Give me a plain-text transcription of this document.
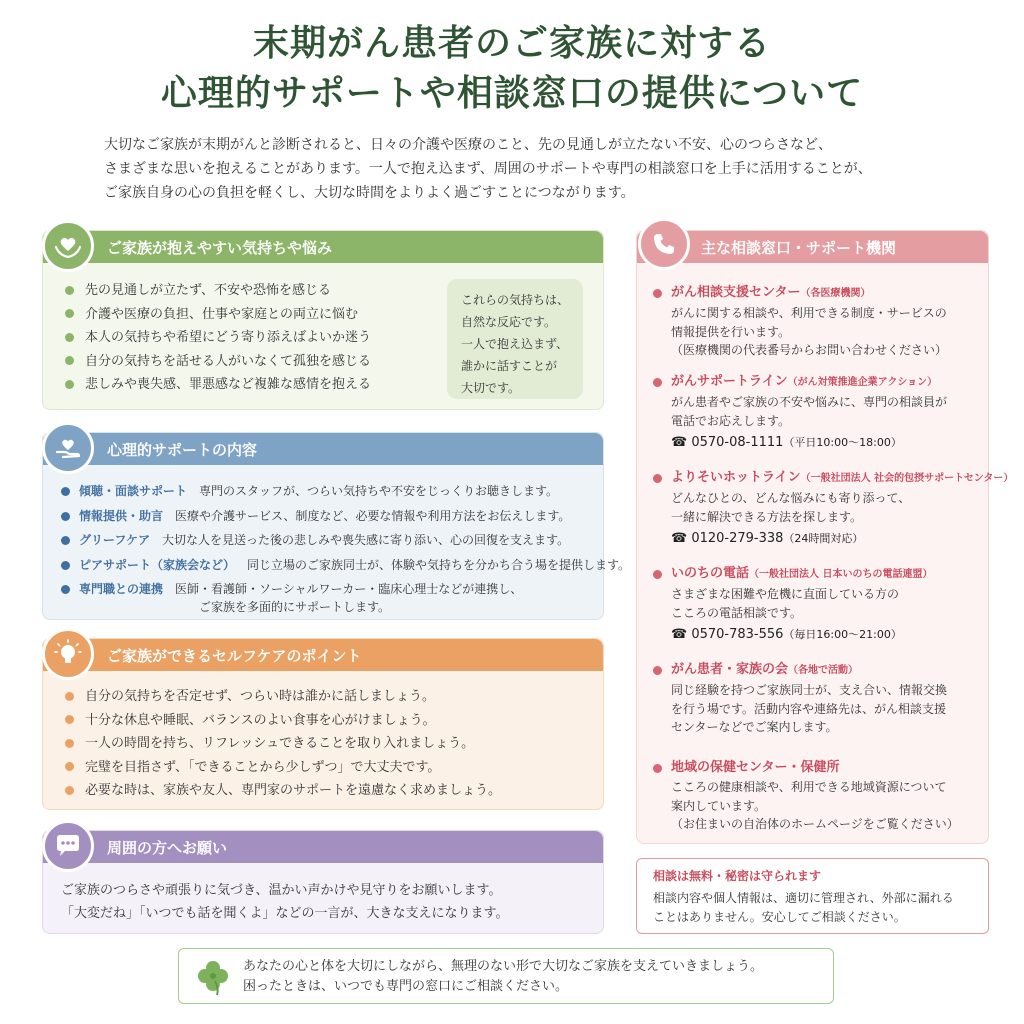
末期がん患者のご家族に対する
心理的サポートや相談窓口の提供について
大切なご家族が末期がんと診断されると、日々の介護や医療のこと、先の見通しが立たない不安、心のつらさなど、
さまざまな思いを抱えることがあります。一人で抱え込まず、周囲のサポートや専門の相談窓口を上手に活用することが、
ご家族自身の心の負担を軽くし、大切な時間をよりよく過ごすことにつながります。
ご家族が抱えやすい気持ちや悩み
先の見通しが立たず、不安や恐怖を感じる
介護や医療の負担、仕事や家庭との両立に悩む
本人の気持ちや希望にどう寄り添えばよいか迷う
自分の気持ちを話せる人がいなくて孤独を感じる
悲しみや喪失感、罪悪感など複雑な感情を抱える
これらの気持ちは、
自然な反応です。
一人で抱え込まず、
誰かに話すことが
大切です。
心理的サポートの内容
傾聴・面談サポート 専門のスタッフが、つらい気持ちや不安をじっくりお聴きします。
情報提供・助言 医療や介護サービス、制度など、必要な情報や利用方法をお伝えします。
グリーフケア 大切な人を見送った後の悲しみや喪失感に寄り添い、心の回復を支えます。
ピアサポート（家族会など） 同じ立場のご家族同士が、体験や気持ちを分かち合う場を提供します。
専門職との連携 医師・看護師・ソーシャルワーカー・臨床心理士などが連携し、
ご家族を多面的にサポートします。
ご家族ができるセルフケアのポイント
自分の気持ちを否定せず、つらい時は誰かに話しましょう。
十分な休息や睡眠、バランスのよい食事を心がけましょう。
一人の時間を持ち、リフレッシュできることを取り入れましょう。
完璧を目指さず、「できることから少しずつ」で大丈夫です。
必要な時は、家族や友人、専門家のサポートを遠慮なく求めましょう。
周囲の方へお願い
ご家族のつらさや頑張りに気づき、温かい声かけや見守りをお願いします。
「大変だね」「いつでも話を聞くよ」などの一言が、大きな支えになります。
主な相談窓口・サポート機関
がん相談支援センター（各医療機関）
がんに関する相談や、利用できる制度・サービスの
情報提供を行います。
（医療機関の代表番号からお問い合わせください）
がんサポートライン（がん対策推進企業アクション）
がん患者やご家族の不安や悩みに、専門の相談員が
電話でお応えします。
☎ 0570-08-1111（平日10:00〜18:00）
よりそいホットライン（一般社団法人 社会的包摂サポートセンター）
どんなひとの、どんな悩みにも寄り添って、
一緒に解決できる方法を探します。
☎ 0120-279-338（24時間対応）
いのちの電話（一般社団法人 日本いのちの電話連盟）
さまざまな困難や危機に直面している方の
こころの電話相談です。
☎ 0570-783-556（毎日16:00〜21:00）
がん患者・家族の会（各地で活動）
同じ経験を持つご家族同士が、支え合い、情報交換
を行う場です。活動内容や連絡先は、がん相談支援
センターなどでご案内します。
地域の保健センター・保健所
こころの健康相談や、利用できる地域資源について
案内しています。
（お住まいの自治体のホームページをご覧ください）
相談は無料・秘密は守られます
相談内容や個人情報は、適切に管理され、外部に漏れる
ことはありません。安心してご相談ください。
あなたの心と体を大切にしながら、無理のない形で大切なご家族を支えていきましょう。
困ったときは、いつでも専門の窓口にご相談ください。
